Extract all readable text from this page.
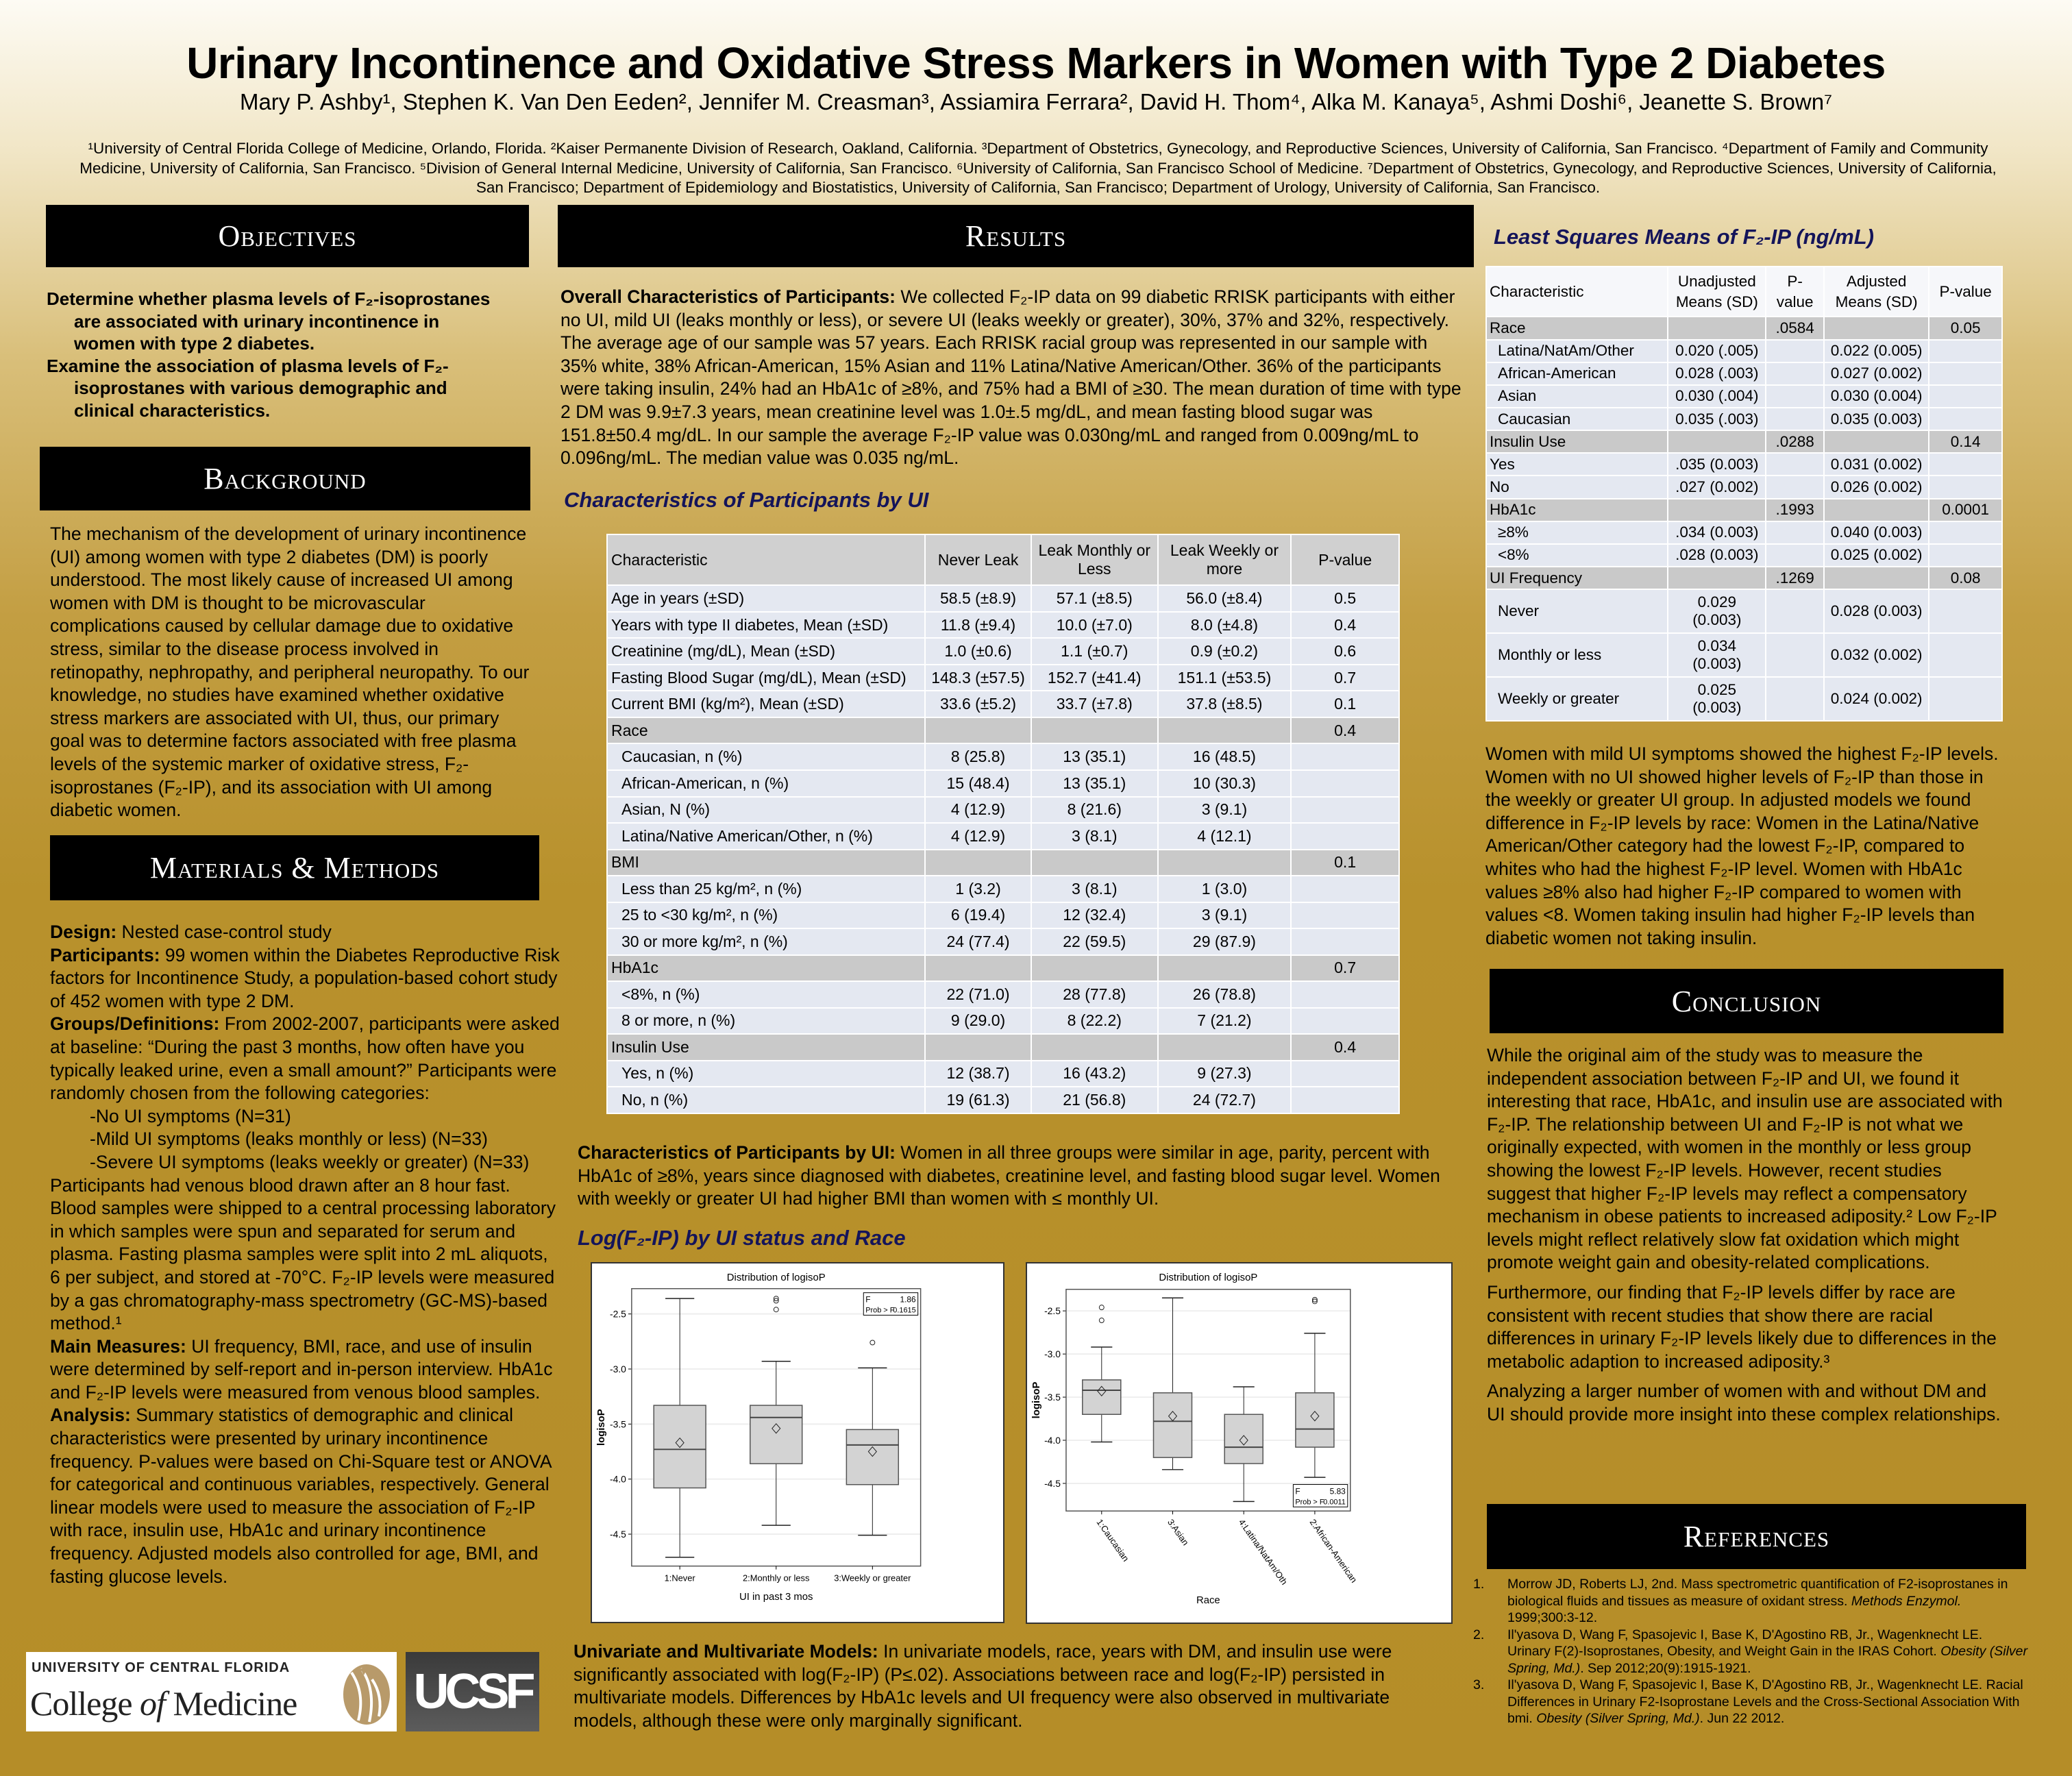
Urinary Incontinence and Oxidative Stress Markers in Women with Type 2 Diabetes
Mary P. Ashby¹, Stephen K. Van Den Eeden², Jennifer M. Creasman³, Assiamira Ferrara², David H. Thom⁴, Alka M. Kanaya⁵, Ashmi Doshi⁶, Jeanette S. Brown⁷
¹University of Central Florida College of Medicine, Orlando, Florida. ²Kaiser Permanente Division of Research, Oakland, California. ³Department of Obstetrics, Gynecology, and Reproductive Sciences, University of California, San Francisco. ⁴Department of Family and Community Medicine, University of California, San Francisco. ⁵Division of General Internal Medicine, University of California, San Francisco. ⁶University of California, San Francisco School of Medicine. ⁷Department of Obstetrics, Gynecology, and Reproductive Sciences, University of California, San Francisco; Department of Epidemiology and Biostatistics, University of California, San Francisco; Department of Urology, University of California, San Francisco.
Objectives

Determine whether plasma levels of F₂-isoprostanes are associated with urinary incontinence in women with type 2 diabetes.

Examine the association of plasma levels of F₂-isoprostanes with various demographic and clinical characteristics.

Background
The mechanism of the development of urinary incontinence (UI) among women with type 2 diabetes (DM) is poorly understood. The most likely cause of increased UI among women with DM is thought to be microvascular complications caused by cellular damage due to oxidative stress, similar to the disease process involved in retinopathy, nephropathy, and peripheral neuropathy. To our knowledge, no studies have examined whether oxidative stress markers are associated with UI, thus, our primary goal was to determine factors associated with free plasma levels of the systemic marker of oxidative stress, F₂-isoprostanes (F₂-IP), and its association with UI among diabetic women.
Materials & Methods

Design: Nested case-control study

Participants: 99 women within the Diabetes Reproductive Risk factors for Incontinence Study, a population-based cohort study of 452 women with type 2 DM.

Groups/Definitions: From 2002-2007, participants were asked at baseline: “During the past 3 months, how often have you typically leaked urine, even a small amount?” Participants were randomly chosen from the following categories:

-No UI symptoms (N=31)

-Mild UI symptoms (leaks monthly or less) (N=33)

-Severe UI symptoms (leaks weekly or greater) (N=33)

Participants had venous blood drawn after an 8 hour fast. Blood samples were shipped to a central processing laboratory in which samples were spun and separated for serum and plasma. Fasting plasma samples were split into 2 mL aliquots, 6 per subject, and stored at -70°C. F₂-IP levels were measured by a gas chromatography-mass spectrometry (GC-MS)-based method.¹

Main Measures: UI frequency, BMI, race, and use of insulin were determined by self-report and in-person interview. HbA1c and F₂-IP levels were measured from venous blood samples.

Analysis: Summary statistics of demographic and clinical characteristics were presented by urinary incontinence frequency. P-values were based on Chi-Square test or ANOVA for categorical and continuous variables, respectively. General linear models were used to measure the association of F₂-IP with race, insulin use, HbA1c and urinary incontinence frequency. Adjusted models also controlled for age, BMI, and fasting glucose levels.

UNIVERSITY OF CENTRAL FLORIDA
College of Medicine UCSF
Results
Overall Characteristics of Participants: We collected F₂-IP data on 99 diabetic RRISK participants with either no UI, mild UI (leaks monthly or less), or severe UI (leaks weekly or greater), 30%, 37% and 32%, respectively. The average age of our sample was 57 years. Each RRISK racial group was represented in our sample with 35% white, 38% African-American, 15% Asian and 11% Latina/Native American/Other. 36% of the participants were taking insulin, 24% had an HbA1c of ≥8%, and 75% had a BMI of ≥30. The mean duration of time with type 2 DM was 9.9±7.3 years, mean creatinine level was 1.0±.5 mg/dL, and mean fasting blood sugar was 151.8±50.4 mg/dL. In our sample the average F₂-IP value was 0.030ng/mL and ranged from 0.009ng/mL to 0.096ng/mL. The median value was 0.035 ng/mL.
Characteristics of Participants by UI
Characteristic	Never Leak	Leak Monthly or Less	Leak Weekly or more	P-value
Age in years (±SD)	58.5 (±8.9)	57.1 (±8.5)	56.0 (±8.4)	0.5
Years with type II diabetes, Mean (±SD)	11.8 (±9.4)	10.0 (±7.0)	8.0 (±4.8)	0.4
Creatinine (mg/dL), Mean (±SD)	1.0 (±0.6)	1.1 (±0.7)	0.9 (±0.2)	0.6
Fasting Blood Sugar (mg/dL), Mean (±SD)	148.3 (±57.5)	152.7 (±41.4)	151.1 (±53.5)	0.7
Current BMI (kg/m²), Mean (±SD)	33.6 (±5.2)	33.7 (±7.8)	37.8 (±8.5)	0.1
Race				0.4
Caucasian, n (%)	8 (25.8)	13 (35.1)	16 (48.5)	
African-American, n (%)	15 (48.4)	13 (35.1)	10 (30.3)	
Asian, N (%)	4 (12.9)	8 (21.6)	3 (9.1)	
Latina/Native American/Other, n (%)	4 (12.9)	3 (8.1)	4 (12.1)	
BMI				0.1
Less than 25 kg/m², n (%)	1 (3.2)	3 (8.1)	1 (3.0)	
25 to <30 kg/m², n (%)	6 (19.4)	12 (32.4)	3 (9.1)	
30 or more kg/m², n (%)	24 (77.4)	22 (59.5)	29 (87.9)	
HbA1c				0.7
<8%, n (%)	22 (71.0)	28 (77.8)	26 (78.8)	
8 or more, n (%)	9 (29.0)	8 (22.2)	7 (21.2)	
Insulin Use				0.4
Yes, n (%)	12 (38.7)	16 (43.2)	9 (27.3)	
No, n (%)	19 (61.3)	21 (56.8)	24 (72.7)	
Characteristics of Participants by UI: Women in all three groups were similar in age, parity, percent with HbA1c of ≥8%, years since diagnosed with diabetes, creatinine level, and fasting blood sugar level. Women with weekly or greater UI had higher BMI than women with ≤ monthly UI.
Log(F₂-IP) by UI status and Race
Distribution of logisoP
-2.5
-3.0
-3.5
-4.0
-4.5
logisoP
1:Never	2:Monthly or less	3:Weekly or greater
UI in past 3 mos
F	1.86
Prob > F
0.1615
Distribution of logisoP
-2.5
-3.0
-3.5
-4.0
-4.5
logisoP
1:Caucasian	3:Asian	4:Latina/NatAm/Oth 2:African-American
Race
F	5.83
Prob > F
0.0011
Univariate and Multivariate Models: In univariate models, race, years with DM, and insulin use were significantly associated with log(F₂-IP) (P≤.02). Associations between race and log(F₂-IP) persisted in multivariate models. Differences by HbA1c levels and UI frequency were also observed in multivariate models, although these were only marginally significant.
Least Squares Means of F₂-IP (ng/mL)
Characteristic	Unadjusted Means (SD)	P-value	Adjusted Means (SD)	P-value
Race		.0584		0.05
Latina/NatAm/Other	0.020 (.005)		0.022 (0.005)	
African-American	0.028 (.003)		0.027 (0.002)	
Asian	0.030 (.004)		0.030 (0.004)	
Caucasian	0.035 (.003)		0.035 (0.003)	
Insulin Use		.0288		0.14
Yes	.035 (0.003)		0.031 (0.002)	
No	.027 (0.002)		0.026 (0.002)	
HbA1c		.1993		0.0001
≥8%	.034 (0.003)		0.040 (0.003)	
<8%	.028 (0.003)		0.025 (0.002)	
UI Frequency		.1269		0.08
Never	0.029 (0.003)		0.028 (0.003)	
Monthly or less	0.034 (0.003)		0.032 (0.002)	
Weekly or greater	0.025 (0.003)		0.024 (0.002)	
Women with mild UI symptoms showed the highest F₂-IP levels. Women with no UI showed higher levels of F₂-IP than those in the weekly or greater UI group. In adjusted models we found difference in F₂-IP levels by race: Women in the Latina/Native American/Other category had the lowest F₂-IP, compared to whites who had the highest F₂-IP level. Women with HbA1c values ≥8% also had higher F₂-IP compared to women with values <8. Women taking insulin had higher F₂-IP levels than diabetic women not taking insulin.
Conclusion

While the original aim of the study was to measure the independent association between F₂-IP and UI, we found it interesting that race, HbA1c, and insulin use are associated with F₂-IP. The relationship between UI and F₂-IP is not what we originally expected, with women in the monthly or less group showing the lowest F₂-IP levels. However, recent studies suggest that higher F₂-IP levels may reflect a compensatory mechanism in obese patients to increased adiposity.² Low F₂-IP levels might reflect relatively slow fat oxidation which might promote weight gain and obesity-related complications.

Furthermore, our finding that F₂-IP levels differ by race are consistent with recent studies that show there are racial differences in urinary F₂-IP levels likely due to differences in the metabolic adaption to increased adiposity.³

Analyzing a larger number of women with and without DM and UI should provide more insight into these complex relationships.

References
1. Morrow JD, Roberts LJ, 2nd. Mass spectrometric quantification of F2-isoprostanes in biological fluids and tissues as measure of oxidant stress. Methods Enzymol. 1999;300:3-12.
2. Il'yasova D, Wang F, Spasojevic I, Base K, D'Agostino RB, Jr., Wagenknecht LE. Urinary F(2)-Isoprostanes, Obesity, and Weight Gain in the IRAS Cohort. Obesity (Silver Spring, Md.). Sep 2012;20(9):1915-1921.
3. Il'yasova D, Wang F, Spasojevic I, Base K, D'Agostino RB, Jr., Wagenknecht LE. Racial Differences in Urinary F2-Isoprostane Levels and the Cross-Sectional Association With bmi. Obesity (Silver Spring, Md.). Jun 22 2012.
